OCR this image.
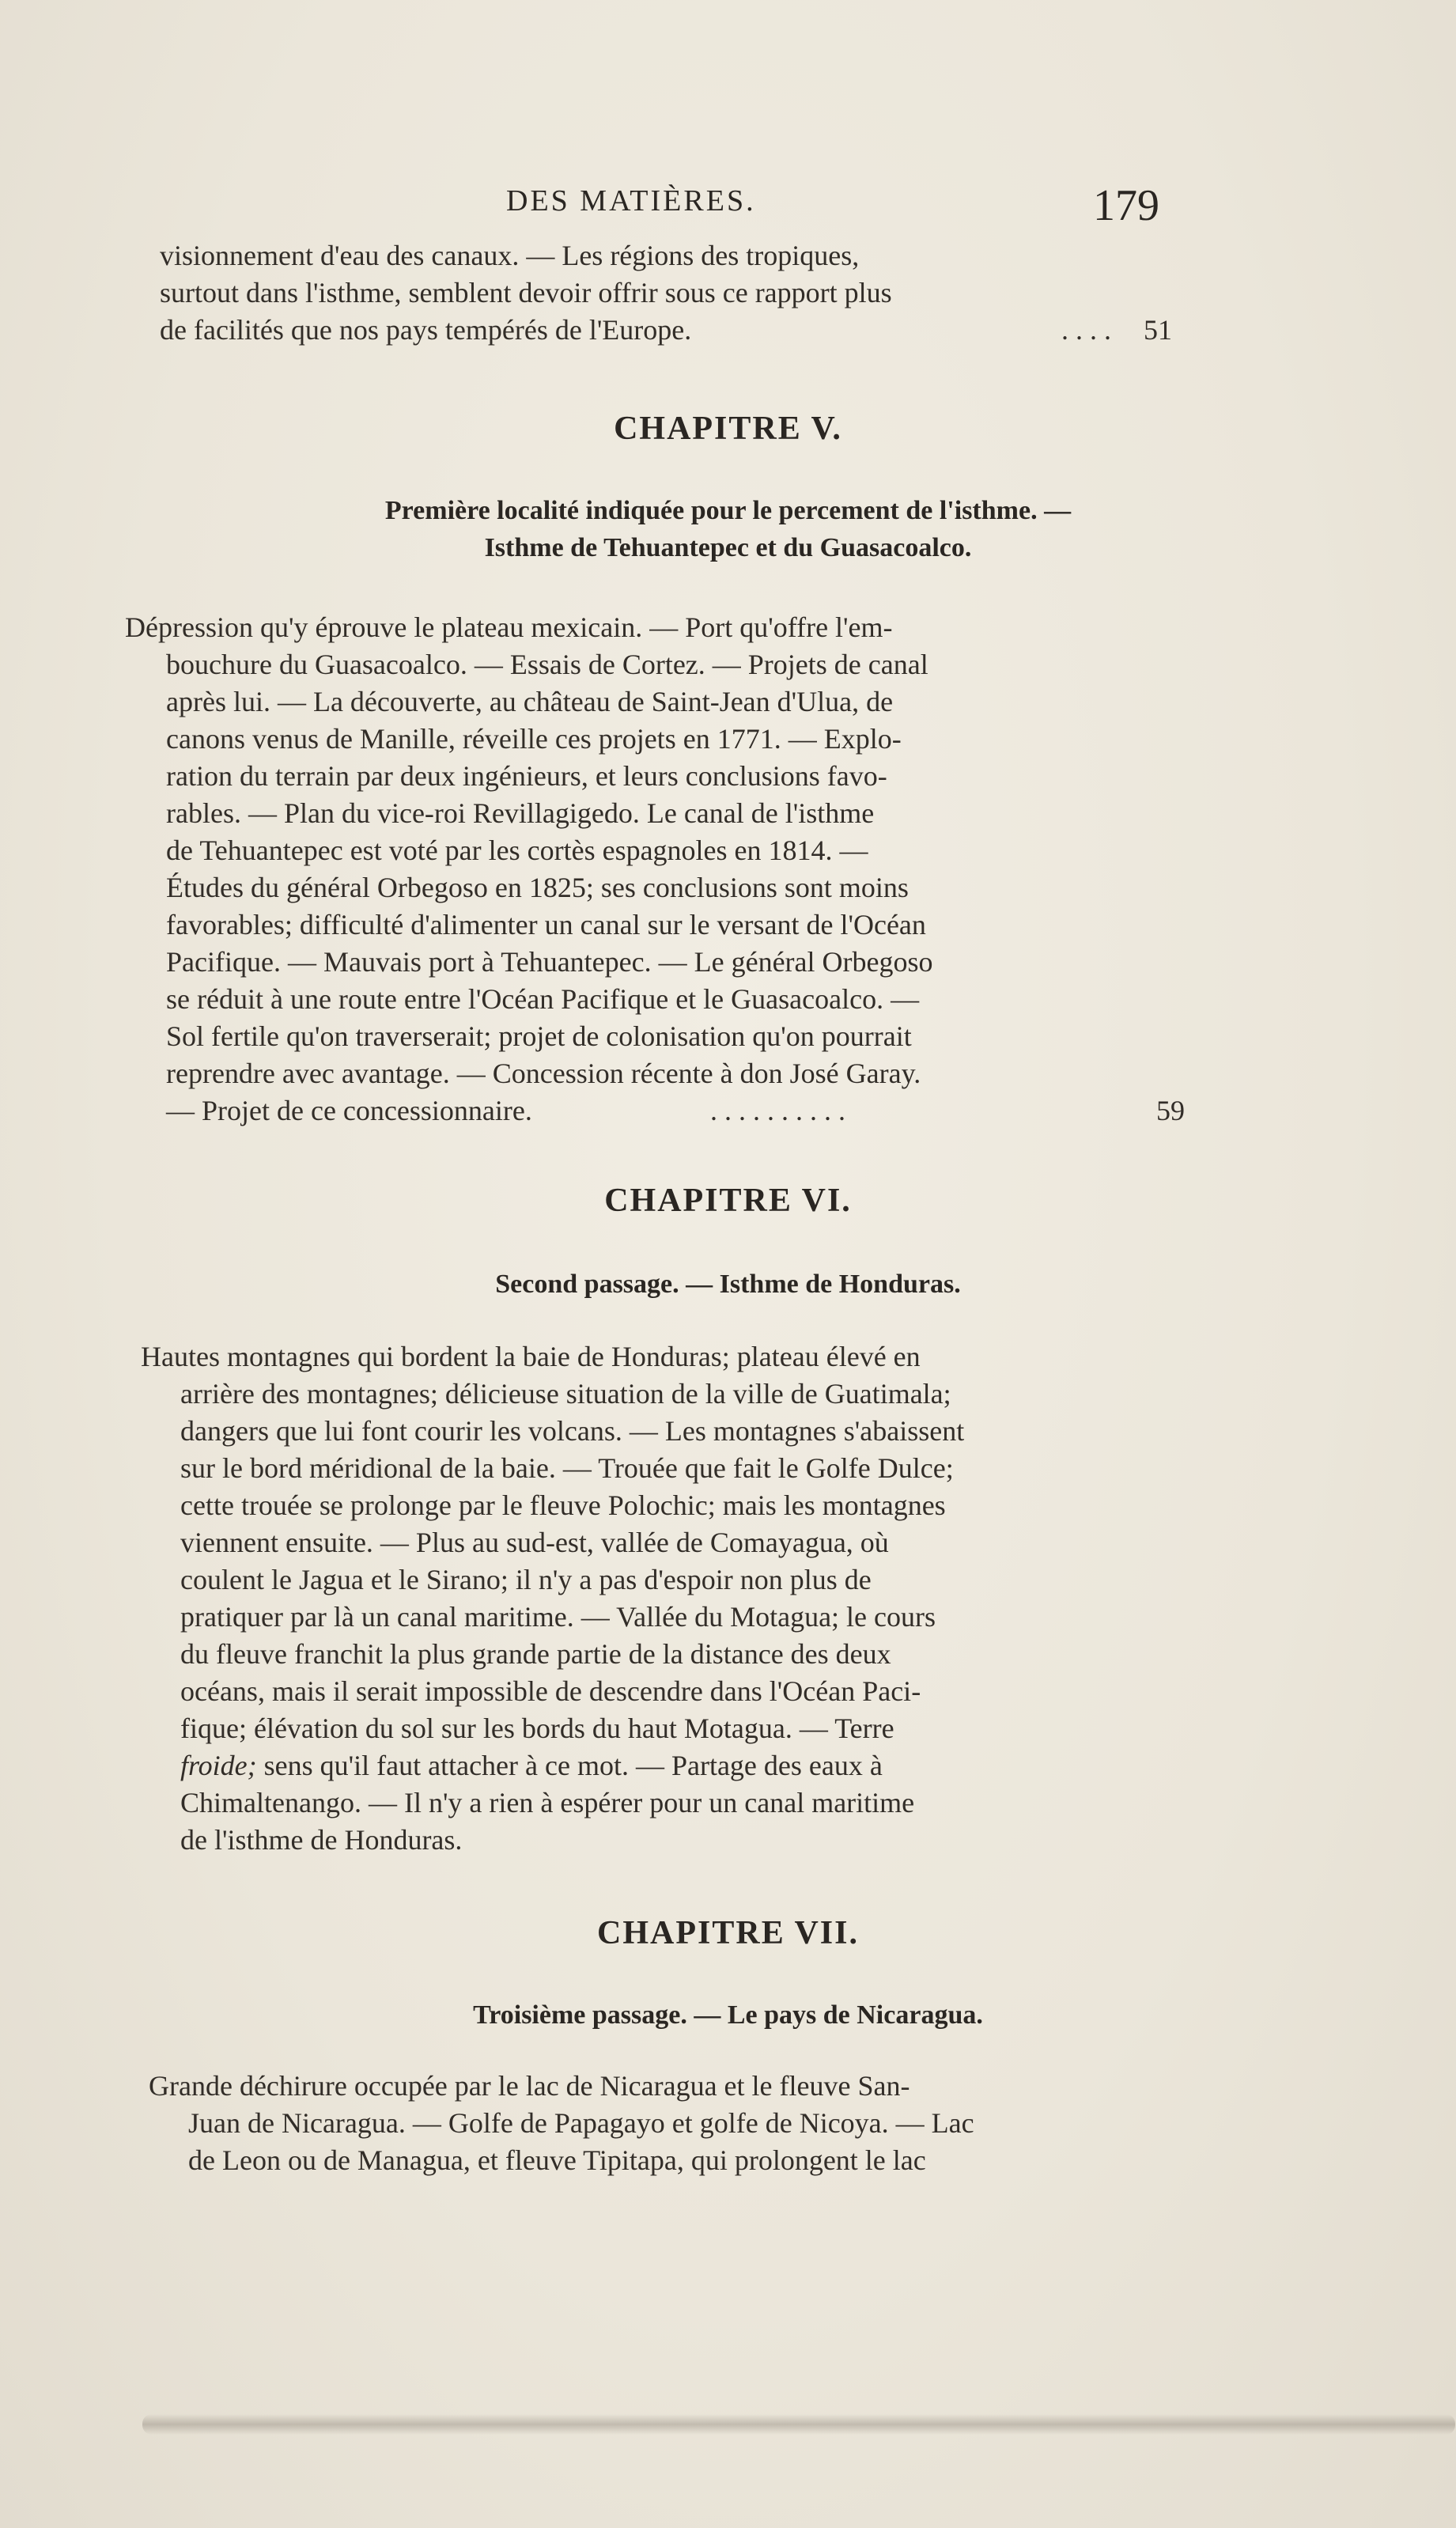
DES MATIÈRES.	179

visionnement d'eau des canaux. — Les régions des tropiques,

surtout dans l'isthme, semblent devoir offrir sous ce rapport plus

de facilités que nos pays tempérés de l'Europe.	. . . . 51

CHAPITRE V.

Première localité indiquée pour le percement de l'isthme. —

Isthme de Tehuantepec et du Guasacoalco.

Dépression qu'y éprouve le plateau mexicain. — Port qu'offre l'em-

bouchure du Guasacoalco. — Essais de Cortez. — Projets de canal

après lui. — La découverte, au château de Saint-Jean d'Ulua, de

canons venus de Manille, réveille ces projets en 1771. — Explo-

ration du terrain par deux ingénieurs, et leurs conclusions favo-

rables. — Plan du vice-roi Revillagigedo. Le canal de l'isthme

de Tehuantepec est voté par les cortès espagnoles en 1814. —

Études du général Orbegoso en 1825; ses conclusions sont moins

favorables; difficulté d'alimenter un canal sur le versant de l'Océan

Pacifique. — Mauvais port à Tehuantepec. — Le général Orbegoso

se réduit à une route entre l'Océan Pacifique et le Guasacoalco. —

Sol fertile qu'on traverserait; projet de colonisation qu'on pourrait

reprendre avec avantage. — Concession récente à don José Garay.

— Projet de ce concessionnaire.	. . . . . . . . . .	59

CHAPITRE VI.

Second passage. — Isthme de Honduras.

Hautes montagnes qui bordent la baie de Honduras; plateau élevé en

arrière des montagnes; délicieuse situation de la ville de Guatimala;

dangers que lui font courir les volcans. — Les montagnes s'abaissent

sur le bord méridional de la baie. — Trouée que fait le Golfe Dulce;

cette trouée se prolonge par le fleuve Polochic; mais les montagnes

viennent ensuite. — Plus au sud-est, vallée de Comayagua, où

coulent le Jagua et le Sirano; il n'y a pas d'espoir non plus de

pratiquer par là un canal maritime. — Vallée du Motagua; le cours

du fleuve franchit la plus grande partie de la distance des deux

océans, mais il serait impossible de descendre dans l'Océan Paci-

fique; élévation du sol sur les bords du haut Motagua. — Terre

froide; sens qu'il faut attacher à ce mot. — Partage des eaux à

Chimaltenango. — Il n'y a rien à espérer pour un canal maritime

de l'isthme de Honduras.

CHAPITRE VII.

Troisième passage. — Le pays de Nicaragua.

Grande déchirure occupée par le lac de Nicaragua et le fleuve San-

Juan de Nicaragua. — Golfe de Papagayo et golfe de Nicoya. — Lac

de Leon ou de Managua, et fleuve Tipitapa, qui prolongent le lac
